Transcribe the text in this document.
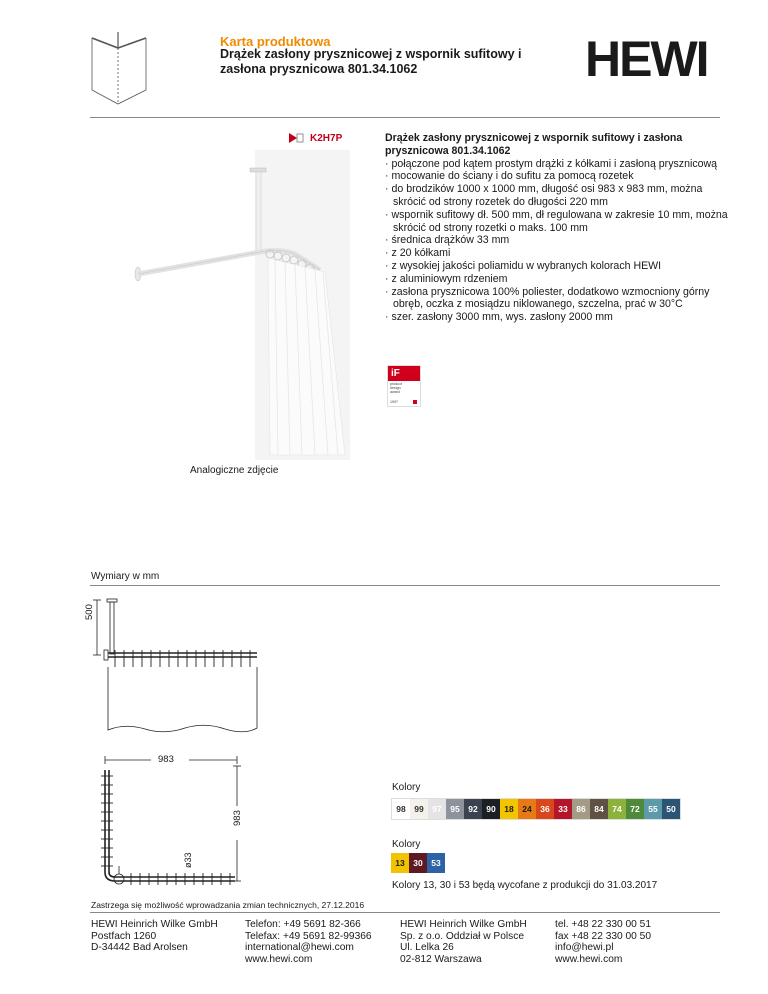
Karta produktowa
Drążek zasłony prysznicowej z wspornik sufitowy i zasłona prysznicowa 801.34.1062	HEWI
K2H7P
Analogiczne zdjęcie
Drążek zasłony prysznicowej z wspornik sufitowy i zasłona prysznicowa 801.34.1062
· połączone pod kątem prostym drążki z kółkami i zasłoną prysznicową
· mocowanie do ściany i do sufitu za pomocą rozetek
· do brodzików 1000 x 1000 mm, długość osi 983 x 983 mm, można skrócić od strony rozetek do długości 220 mm
· wspornik sufitowy dł. 500 mm, dł regulowana w zakresie 10 mm, można skrócić od strony rozetki o maks. 100 mm
· średnica drążków 33 mm
· z 20 kółkami
· z wysokiej jakości poliamidu w wybranych kolorach HEWI
· z aluminiowym rdzeniem
· zasłona prysznicowa 100% poliester, dodatkowo wzmocniony górny obręb, oczka z mosiądzu niklowanego, szczelna, prać w 30°C
· szer. zasłony 3000 mm, wys. zasłony 2000 mm
iF
product
design
award
1997
Wymiary w mm
500
983
983
ø33
Kolory
98	99	97	95	92	90	18	24	36	33	86	84	74	72	55	50
Kolory
13	30	53
Kolory 13, 30 i 53 będą wycofane z produkcji do 31.03.2017
Zastrzega się możliwość wprowadzania zmian technicznych, 27.12.2016
HEWI Heinrich Wilke GmbH
Postfach 1260
D-34442 Bad Arolsen
Telefon: +49 5691 82-366
Telefax: +49 5691 82-99366
international@hewi.com
www.hewi.com
HEWI Heinrich Wilke GmbH
Sp. z o.o. Oddział w Polsce
Ul. Lelka 26
02-812 Warszawa
tel. +48 22 330 00 51
fax +48 22 330 00 50
info@hewi.pl
www.hewi.com
